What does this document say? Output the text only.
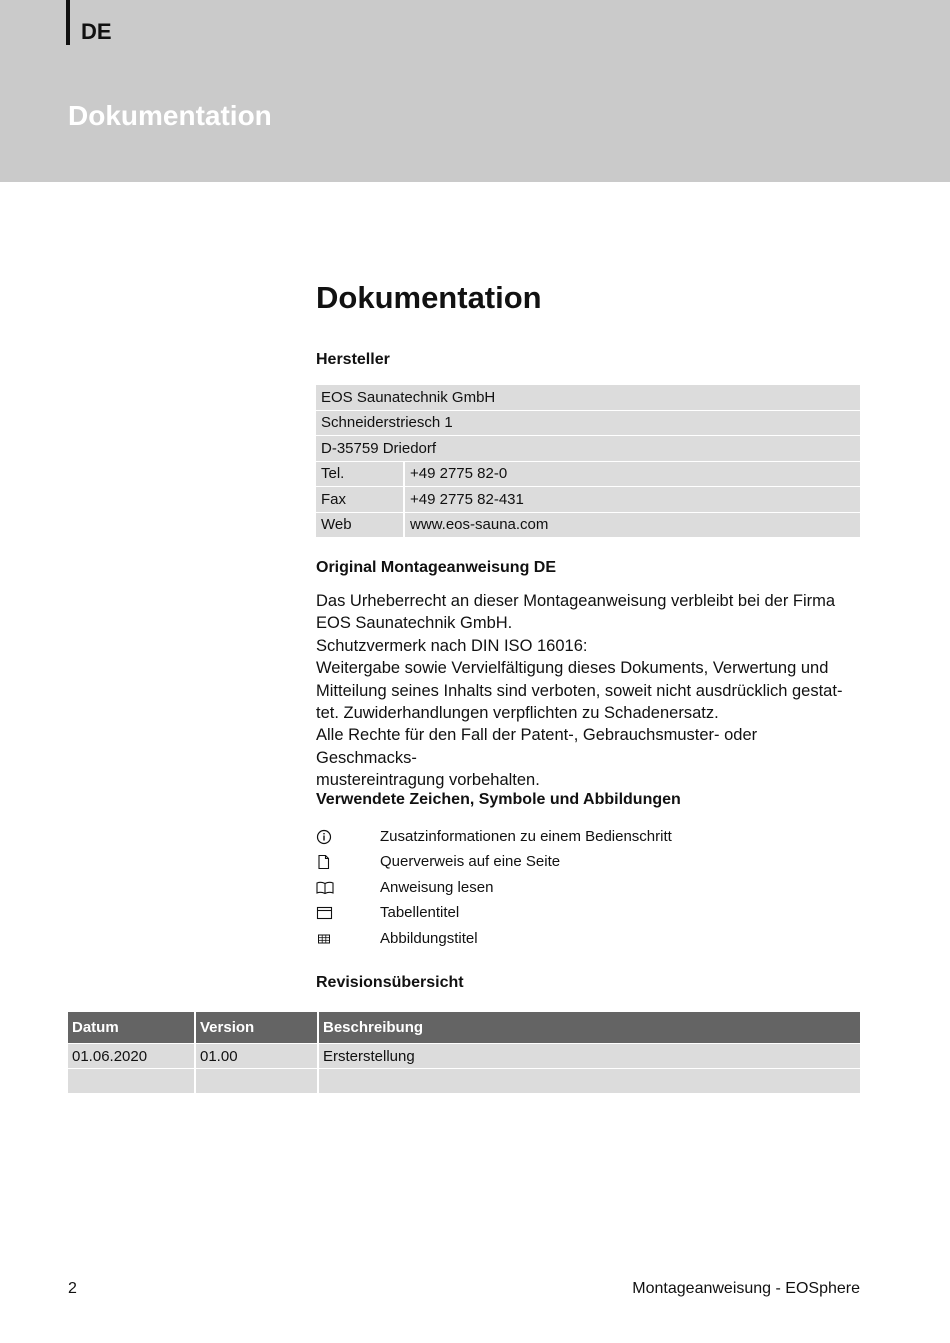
DE
Dokumentation
Dokumentation
Hersteller
EOS Saunatechnik GmbH	
Schneiderstriesch 1	
D-35759 Driedorf	
Tel.	+49 2775 82-0
Fax	+49 2775 82-431
Web	www.eos-sauna.com
Original Montageanweisung DE

Das Urheberrecht an dieser Montageanweisung verbleibt bei der Firma
EOS Saunatechnik GmbH.
Schutzvermerk nach DIN ISO 16016:
Weitergabe sowie Vervielfältigung dieses Dokuments, Verwertung und
Mitteilung seines Inhalts sind verboten, soweit nicht ausdrücklich gestat-
tet. Zuwiderhandlungen verpflichten zu Schadenersatz.
Alle Rechte für den Fall der Patent-, Gebrauchsmuster- oder Geschmacks-
mustereintragung vorbehalten.

Verwendete Zeichen, Symbole und Abbildungen
Zusatzinformationen zu einem Bedienschritt
Querverweis auf eine Seite
Anweisung lesen
Tabellentitel
Abbildungstitel
Revisionsübersicht
Datum	Version	Beschreibung
01.06.2020	01.00	Ersterstellung

2	Montageanweisung - EOSphere
